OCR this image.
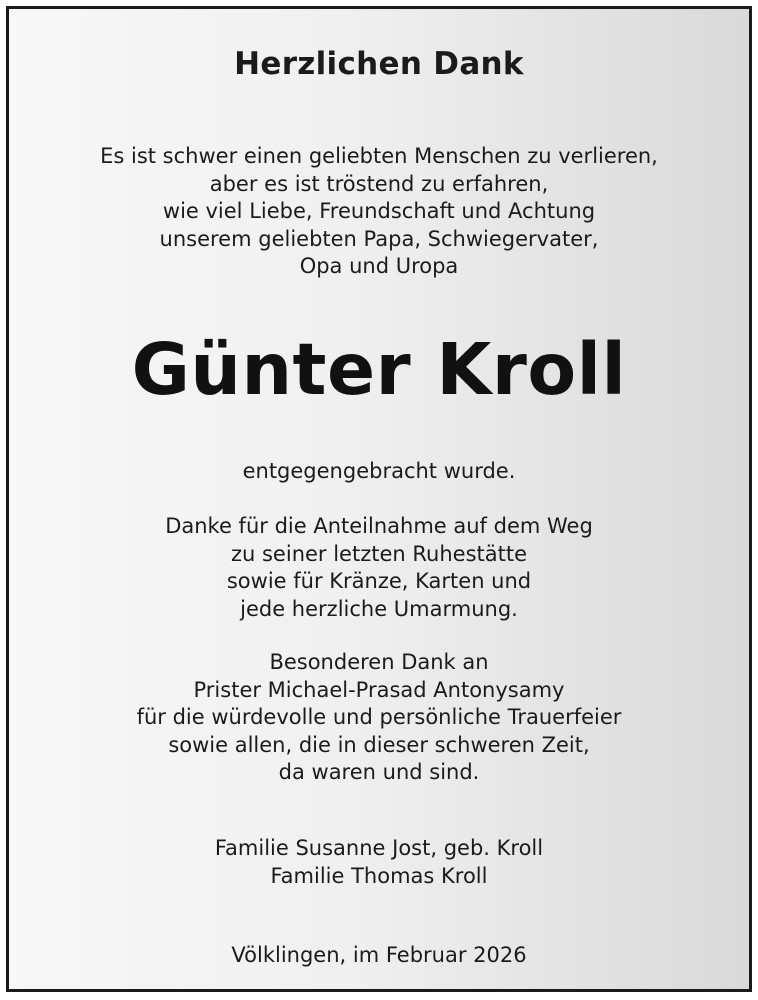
Herzlichen Dank
Es ist schwer einen geliebten Menschen zu verlieren,
aber es ist tröstend zu erfahren,
wie viel Liebe, Freundschaft und Achtung
unserem geliebten Papa, Schwiegervater,
Opa und Uropa
Günter Kroll
entgegengebracht wurde.
Danke für die Anteilnahme auf dem Weg
zu seiner letzten Ruhestätte
sowie für Kränze, Karten und
jede herzliche Umarmung.
Besonderen Dank an
Prister Michael-Prasad Antonysamy
für die würdevolle und persönliche Trauerfeier
sowie allen, die in dieser schweren Zeit,
da waren und sind.
Familie Susanne Jost, geb. Kroll
Familie Thomas Kroll
Völklingen, im Februar 2026
